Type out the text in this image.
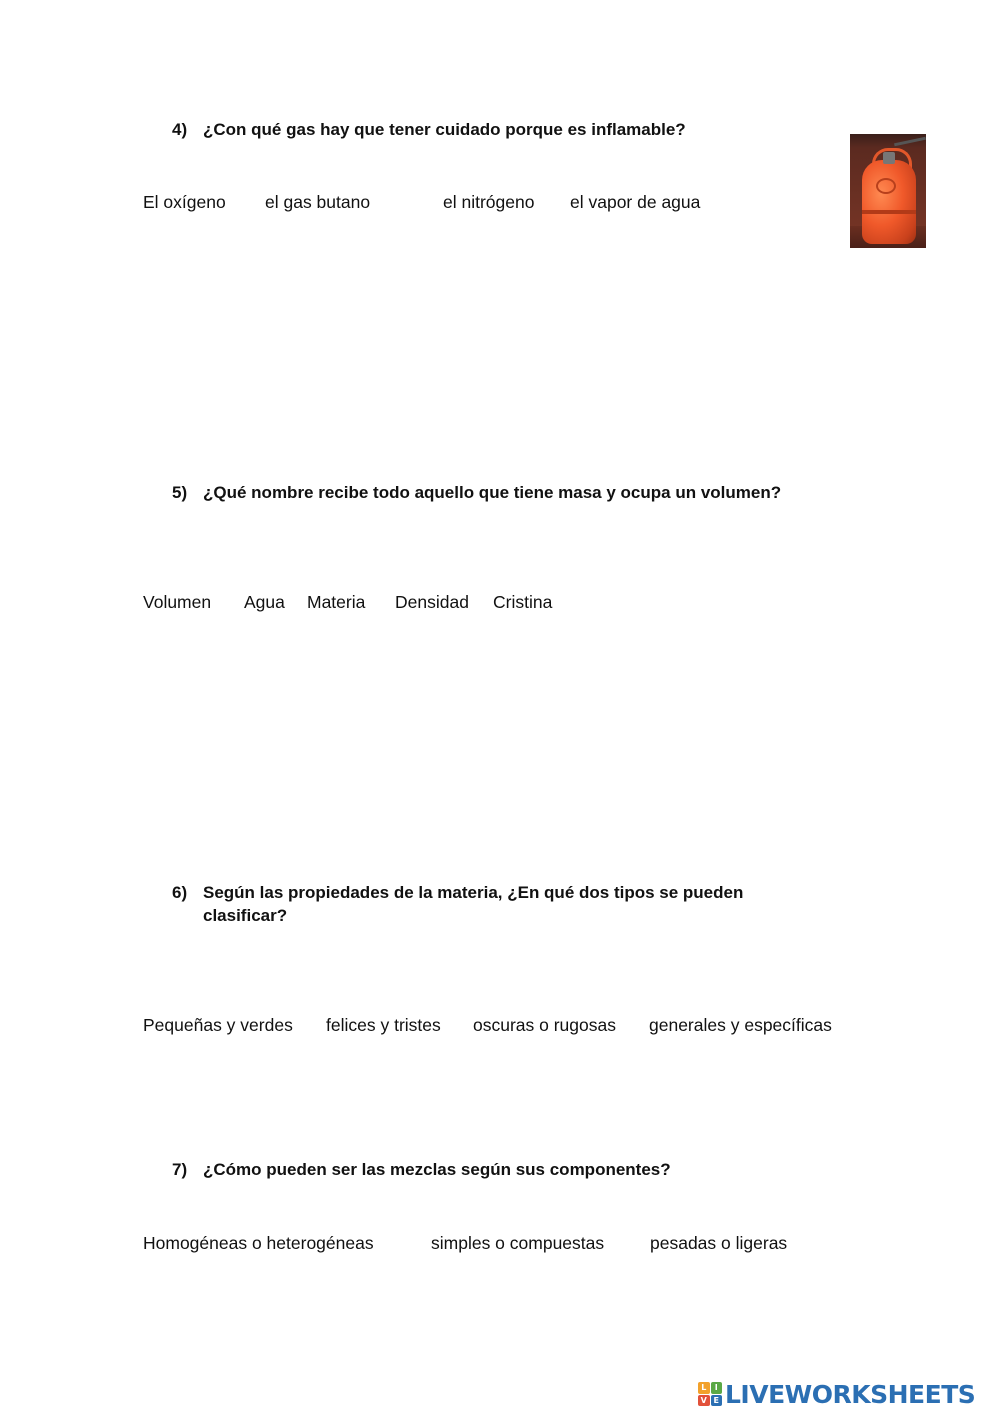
4) ¿Con qué gas hay que tener cuidado porque es inflamable?
El oxígeno el gas butano	el nitrógeno el vapor de agua
5) ¿Qué nombre recibe todo aquello que tiene masa y ocupa un volumen?
Volumen Agua Materia Densidad Cristina
6) Según las propiedades de la materia, ¿En qué dos tipos se pueden
clasificar?
Pequeñas y verdes felices y tristes oscuras o rugosas generales y específicas
7) ¿Cómo pueden ser las mezclas según sus componentes?
Homogéneas o heterogéneas	simples o compuestas	pesadas o ligeras
L	I
V E LIVEWORKSHEETS
